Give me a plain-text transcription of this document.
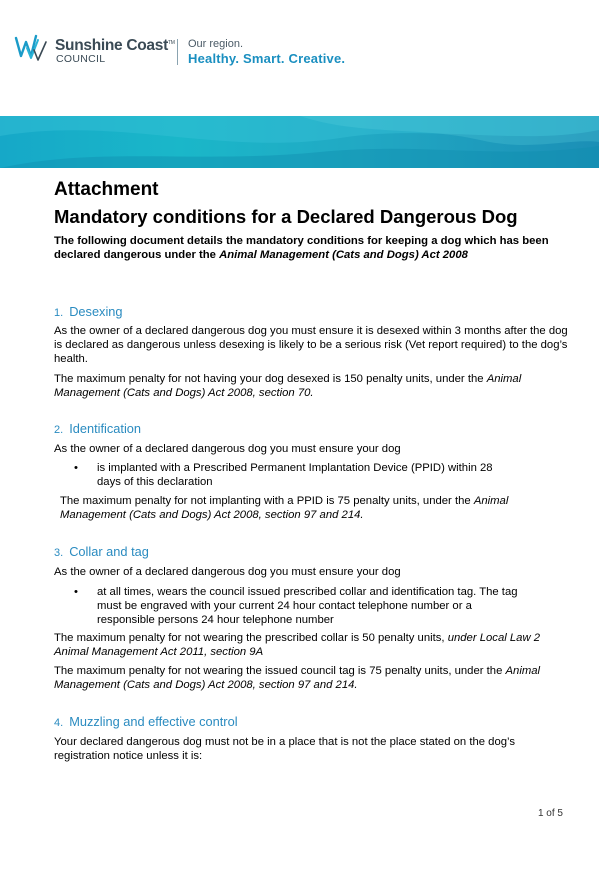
Sunshine Coast™
COUNCIL
Our region.
Healthy. Smart. Creative.
Attachment
Mandatory conditions for a Declared Dangerous Dog

The following document details the mandatory conditions for keeping a dog which has been declared dangerous under the Animal Management (Cats and Dogs) Act 2008

1. Desexing

As the owner of a declared dangerous dog you must ensure it is desexed within 3 months after the dog is declared as dangerous unless desexing is likely to be a serious risk (Vet report required) to the dog’s health.

The maximum penalty for not having your dog desexed is 150 penalty units, under the Animal Management (Cats and Dogs) Act 2008, section 70.

2. Identification

As the owner of a declared dangerous dog you must ensure your dog

• is implanted with a Prescribed Permanent Implantation Device (PPID) within 28 days of this declaration

The maximum penalty for not implanting with a PPID is 75 penalty units, under the Animal Management (Cats and Dogs) Act 2008, section 97 and 214.

3. Collar and tag

As the owner of a declared dangerous dog you must ensure your dog

• at all times, wears the council issued prescribed collar and identification tag. The tag must be engraved with your current 24 hour contact telephone number or a responsible persons 24 hour telephone number

The maximum penalty for not wearing the prescribed collar is 50 penalty units, under Local Law 2 Animal Management Act 2011, section 9A

The maximum penalty for not wearing the issued council tag is 75 penalty units, under the Animal Management (Cats and Dogs) Act 2008, section 97 and 214.

4. Muzzling and effective control

Your declared dangerous dog must not be in a place that is not the place stated on the dog’s registration notice unless it is:

1 of 5
